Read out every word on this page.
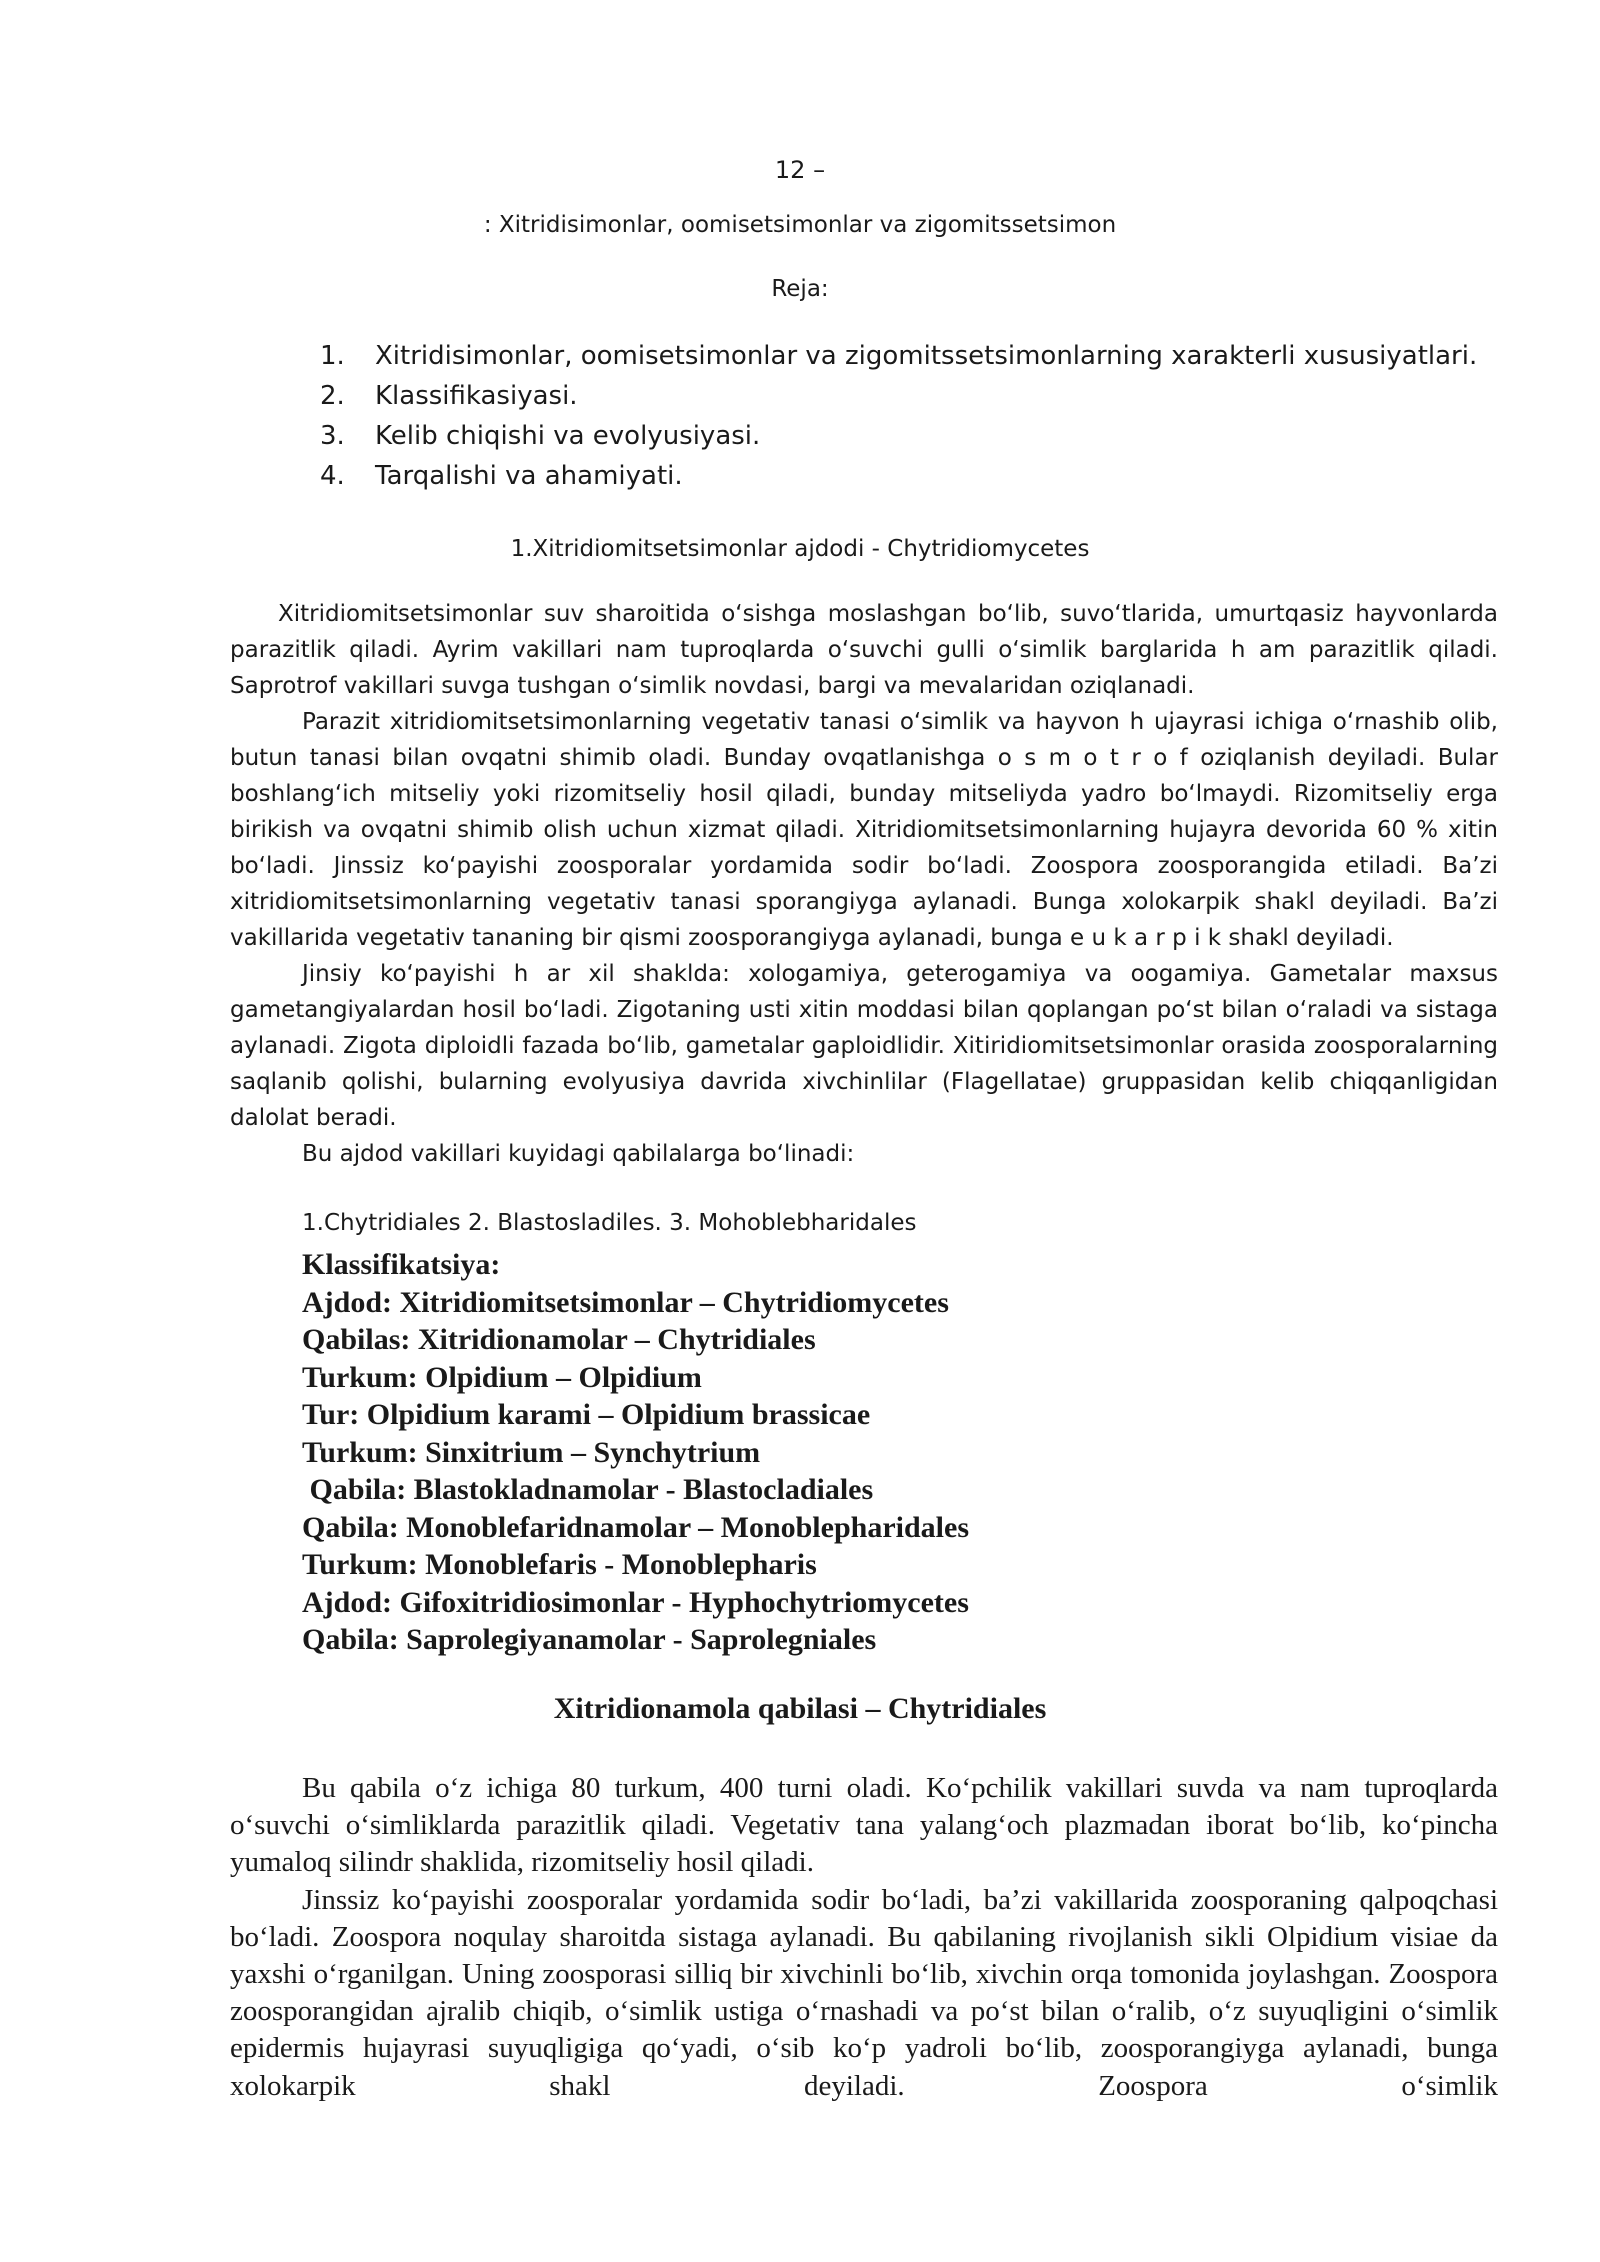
12 –
: Xitridisimonlar, oomisetsimonlar va zigomitssetsimon
Reja:
1.	Xitridisimonlar, oomisetsimonlar va zigomitssetsimonlarning xarakterli xususiyatlari.
2.	Klassifikasiyasi.
3.	Kelib chiqishi va evolyusiyasi.
4.	Tarqalishi va ahamiyati.
1.Xitridiomitsetsimonlar ajdodi - Chytridiomycetes

Xitridiomitsetsimonlar suv sharoitida o‘sishga moslashgan bo‘lib, suvo‘tlarida, umurtqasiz hayvonlarda parazitlik qiladi. Ayrim vakillari nam tuproqlarda o‘suvchi gulli o‘simlik barglarida h am parazitlik qiladi. Saprotrof vakillari suvga tushgan o‘simlik novdasi, bargi va mevalaridan oziqlanadi.

Parazit xitridiomitsetsimonlarning vegetativ tanasi o‘simlik va hayvon h ujayrasi ichiga o‘rnashib olib, butun tanasi bilan ovqatni shimib oladi. Bunday ovqatlanishga o s m o t r o f oziqlanish deyiladi. Bular boshlang‘ich mitseliy yoki rizomitseliy hosil qiladi, bunday mitseliyda yadro bo‘lmaydi. Rizomitseliy erga birikish va ovqatni shimib olish uchun xizmat qiladi. Xitridiomitsetsimonlarning hujayra devorida 60 % xitin bo‘ladi. Jinssiz ko‘payishi zoosporalar yordamida sodir bo‘ladi. Zoospora zoosporangida etiladi. Ba’zi xitridiomitsetsimonlarning vegetativ tanasi sporangiyga aylanadi. Bunga xolokarpik shakl deyiladi. Ba’zi vakillarida vegetativ tananing bir qismi zoosporangiyga aylanadi, bunga e u k a r p i k shakl deyiladi.

Jinsiy ko‘payishi h ar xil shaklda: xologamiya, geterogamiya va oogamiya. Gametalar maxsus gametangiyalardan hosil bo‘ladi. Zigotaning usti xitin moddasi bilan qoplangan po‘st bilan o‘raladi va sistaga aylanadi. Zigota diploidli fazada bo‘lib, gametalar gaploidlidir. Xitiridiomitsetsimonlar orasida zoosporalarning saqlanib qolishi, bularning evolyusiya davrida xivchinlilar (Flagellatae) gruppasidan kelib chiqqanligidan dalolat beradi.

Bu ajdod vakillari kuyidagi qabilalarga bo‘linadi:

1.Chytridiales 2. Blastosladiles. 3. Mohoblebharidales
Klassifikatsiya:
Ajdod: Xitridiomitsetsimonlar – Chytridiomycetes
Qabilas: Xitridionamolar – Chytridiales
Turkum: Olpidium – Olpidium
Tur: Olpidium karami – Olpidium brassicae
Turkum: Sinxitrium – Synchytrium
Qabila: Blastokladnamolar - Blastocladiales
Qabila: Monoblefaridnamolar – Monoblepharidales
Turkum: Monoblefaris - Monoblepharis
Ajdod: Gifoxitridiosimonlar - Hyphochytriomycetes
Qabila: Saprolegiyanamolar - Saprolegniales
Xitridionamola qabilasi – Chytridiales

Bu qabila o‘z ichiga 80 turkum, 400 turni oladi. Ko‘pchilik vakillari suvda va nam tuproqlarda o‘suvchi o‘simliklarda parazitlik qiladi. Vegetativ tana yalang‘och plazmadan iborat bo‘lib, ko‘pincha yumaloq silindr shaklida, rizomitseliy hosil qiladi.

Jinssiz ko‘payishi zoosporalar yordamida sodir bo‘ladi, ba’zi vakillarida zoosporaning qalpoqchasi bo‘ladi. Zoospora noqulay sharoitda sistaga aylanadi. Bu qabilaning rivojlanish sikli Olpidium visiae da yaxshi o‘rganilgan. Uning zoosporasi silliq bir xivchinli bo‘lib, xivchin orqa tomonida joylashgan. Zoospora zoosporangidan ajralib chiqib, o‘simlik ustiga o‘rnashadi va po‘st bilan o‘ralib, o‘z suyuqligini o‘simlik epidermis hujayrasi suyuqligiga qo‘yadi, o‘sib ko‘p yadroli bo‘lib, zoosporangiyga aylanadi, bunga xolokarpik shakl deyiladi. Zoospora o‘simlik
